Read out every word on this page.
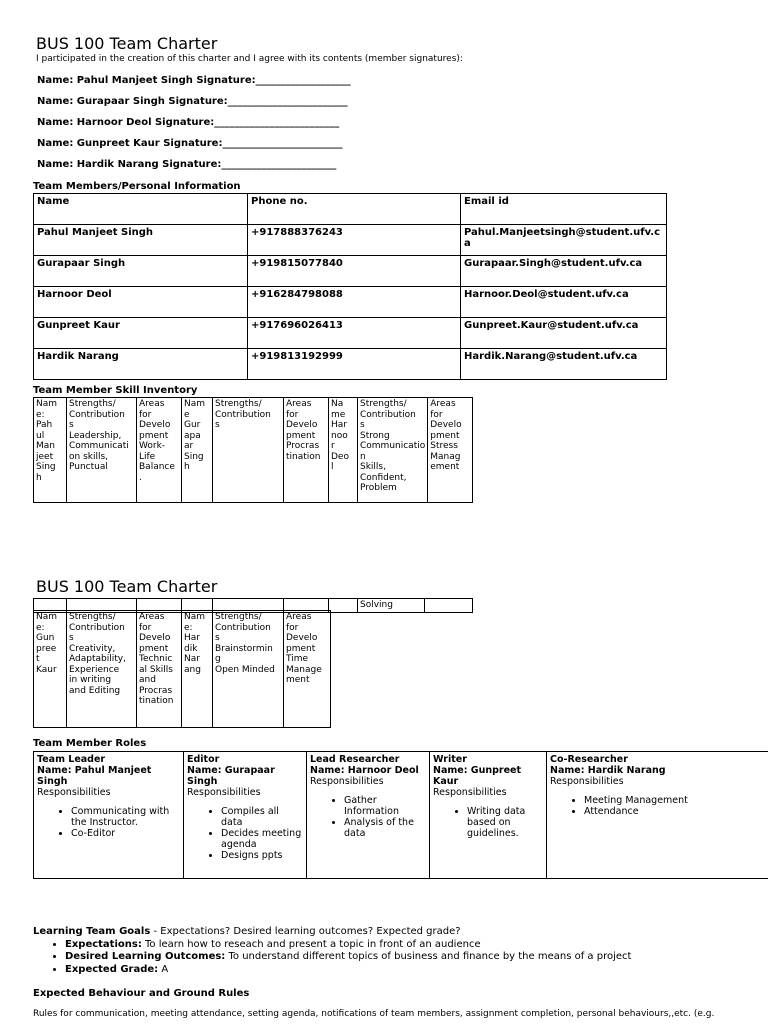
BUS 100 Team Charter
I participated in the creation of this charter and I agree with its contents (member signatures):
Name: Pahul Manjeet Singh Signature:___________________
Name: Gurapaar Singh Signature:________________________
Name: Harnoor Deol Signature:_________________________
Name: Gunpreet Kaur Signature:________________________
Name: Hardik Narang Signature:_______________________
Team Members/Personal Information
Name	Phone no.	Email id
Pahul Manjeet Singh	+917888376243	Pahul.Manjeetsingh@student.ufv.c a
Gurapaar Singh	+919815077840	Gurapaar.Singh@student.ufv.ca
Harnoor Deol	+916284798088	Harnoor.Deol@student.ufv.ca
Gunpreet Kaur	+917696026413	Gunpreet.Kaur@student.ufv.ca
Hardik Narang	+919813192999	Hardik.Narang@student.ufv.ca
Team Member Skill Inventory
Nam
e:
Pah
ul
Man
jeet
Sing
h	Strengths/
Contribution
s
Leadership,
Communicati
on skills,
Punctual	Areas
for
Develo
pment
Work-
Life
Balance
.	Nam
e
Gur
apa
ar
Sing
h	Strengths/
Contribution
s	Areas
for
Develo
pment
Procras
tination	Na
me
Har
noo
r
Deo
l	Strengths/
Contribution
s
Strong
Communicatio
n
Skills,
Confident,
Problem	Areas
for
Develo
pment
Stress
Manag
ement
BUS 100 Team Charter
							Solving	
Nam
e:
Gun
pree
t
Kaur	Strengths/
Contribution
s
Creativity,
Adaptability,
Experience
in writing
and Editing	Areas
for
Develo
pment
Technic
al Skills
and
Procras
tination	Nam
e:
Har
dik
Nar
ang	Strengths/
Contribution
s
Brainstormin
g
Open Minded	Areas
for
Develo
pment
Time
Manage
ment
Team Member Roles
Team Leader
Name: Pahul Manjeet Singh
Responsibilities
• Communicating with the Instructor.
• Co-Editor

Editor
Name: Gurapaar Singh
Responsibilities
• Compiles all data
• Decides meeting agenda
• Designs ppts

Lead Researcher
Name: Harnoor Deol
Responsibilities
• Gather Information
• Analysis of the data

Writer
Name: Gunpreet Kaur
Responsibilities
• Writing data based on guidelines.

Co-Researcher
Name: Hardik Narang
Responsibilities
• Meeting Management
• Attendance
Learning Team Goals - Expectations? Desired learning outcomes? Expected grade?
• Expectations: To learn how to reseach and present a topic in front of an audience
• Desired Learning Outcomes: To understand different topics of business and finance by the means of a project
• Expected Grade: A
Expected Behaviour and Ground Rules
Rules for communication, meeting attendance, setting agenda, notifications of team members, assignment completion, personal behaviours,,etc. (e.g.
